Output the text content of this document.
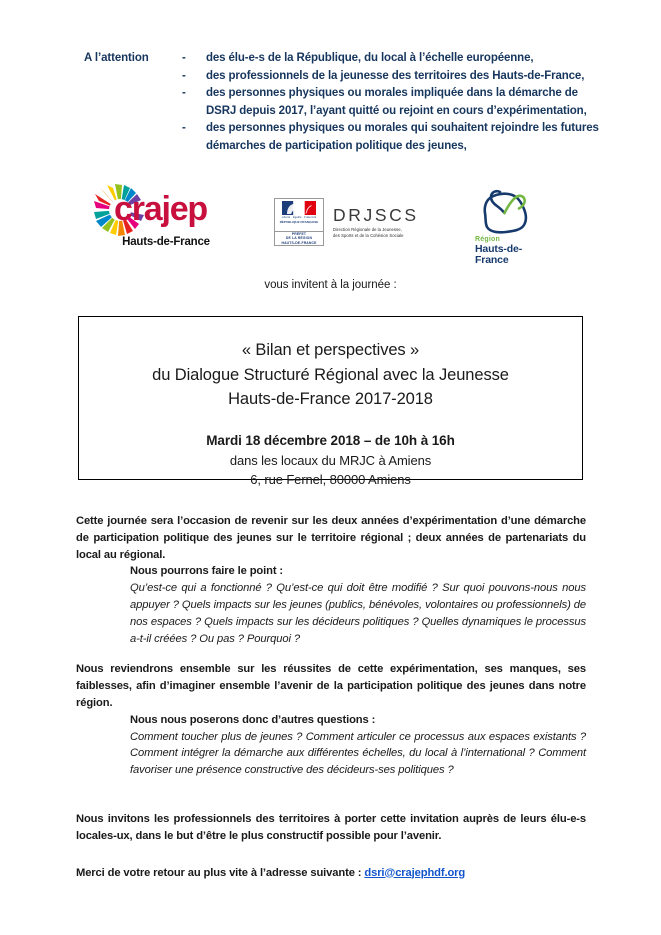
A l’attention	-	des élu-e-s de la République, du local à l’échelle européenne,
-	des professionnels de la jeunesse des territoires des Hauts-de-France,
-	des personnes physiques ou morales impliquée dans la démarche de DSRJ depuis 2017, l’ayant quitté ou rejoint en cours d’expérimentation,
-	des personnes physiques ou morales qui souhaitent rejoindre les futures démarches de participation politique des jeunes,
crajep
Hauts-de-France
Liberté · Égalité · Fraternité
RÉPUBLIQUE FRANÇAISE
PRÉFET
DE LA RÉGION
HAUTS-DE-FRANCE
DRJSCS
Direction Régionale de la Jeunesse,
des Sports et de la Cohésion Sociale
Région
Hauts-de-France
vous invitent à la journée :
« Bilan et perspectives »
du Dialogue Structuré Régional avec la Jeunesse
Hauts-de-France 2017-2018
Mardi 18 décembre 2018 – de 10h à 16h
dans les locaux du MRJC à Amiens
6, rue Fernel, 80000 Amiens

Cette journée sera l’occasion de revenir sur les deux années d’expérimentation d’une démarche de participation politique des jeunes sur le territoire régional ; deux années de partenariats du local au régional.

Nous pourrons faire le point :

Qu’est-ce qui a fonctionné ? Qu’est-ce qui doit être modifié ? Sur quoi pouvons-nous nous appuyer ? Quels impacts sur les jeunes (publics, bénévoles, volontaires ou professionnels) de nos espaces ? Quels impacts sur les décideurs politiques ? Quelles dynamiques le processus a-t-il créées ? Ou pas ? Pourquoi ?

Nous reviendrons ensemble sur les réussites de cette expérimentation, ses manques, ses faiblesses, afin d’imaginer ensemble l’avenir de la participation politique des jeunes dans notre région.

Nous nous poserons donc d’autres questions :

Comment toucher plus de jeunes ? Comment articuler ce processus aux espaces existants ? Comment intégrer la démarche aux différentes échelles, du local à l’international ? Comment favoriser une présence constructive des décideurs-ses politiques ?

Nous invitons les professionnels des territoires à porter cette invitation auprès de leurs élu-e-s locales-ux, dans le but d’être le plus constructif possible pour l’avenir.

Merci de votre retour au plus vite à l’adresse suivante : dsri@crajephdf.org
